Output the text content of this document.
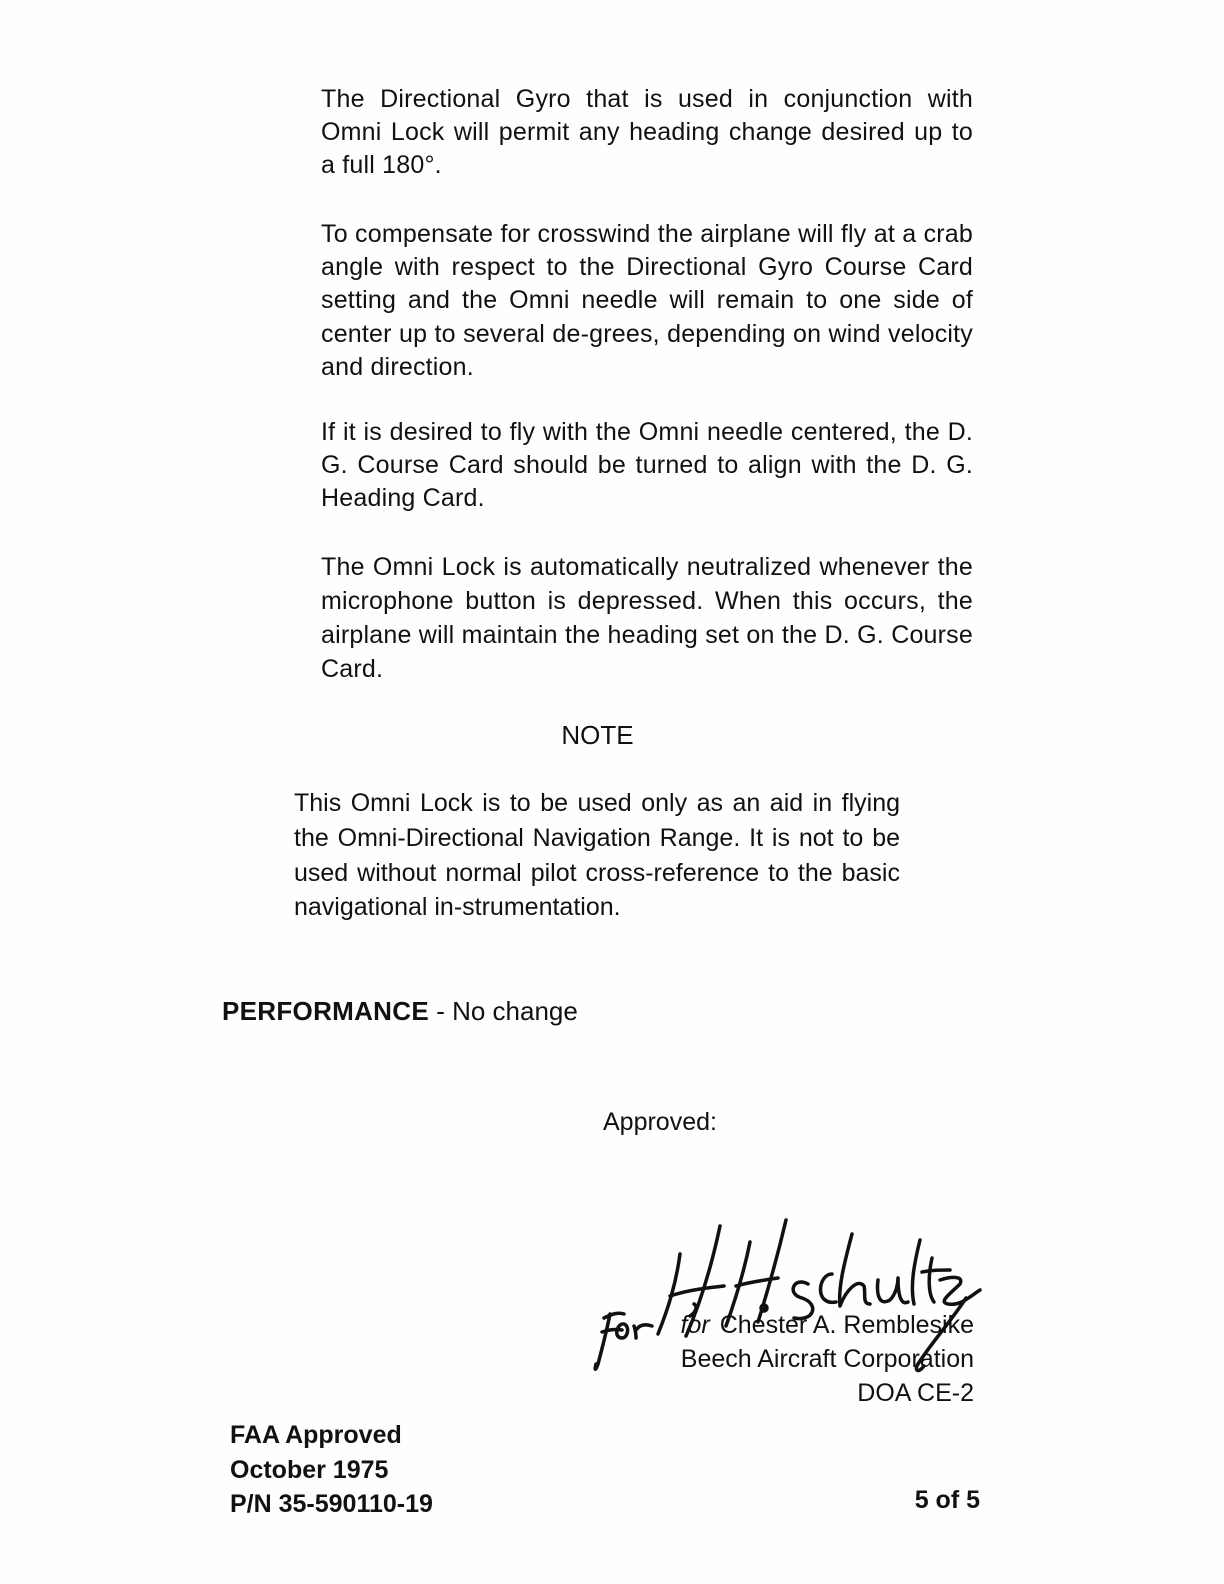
The Directional Gyro that is used in conjunction with Omni Lock will permit any heading change desired up to a full 180°.

To compensate for crosswind the airplane will fly at a crab angle with respect to the Directional Gyro Course Card setting and the Omni needle will remain to one side of center up to several de-grees, depending on wind velocity and direction.

If it is desired to fly with the Omni needle centered, the D. G. Course Card should be turned to align with the D. G. Heading Card.

The Omni Lock is automatically neutralized whenever the microphone button is depressed. When this occurs, the airplane will maintain the heading set on the D. G. Course Card.

NOTE

This Omni Lock is to be used only as an aid in flying the Omni-Directional Navigation Range. It is not to be used without normal pilot cross-reference to the basic navigational in-strumentation.

PERFORMANCE - No change

Approved:

for Chester A. Remblesike

Beech Aircraft Corporation

DOA CE-2

FAA Approved
October 1975
P/N 35-590110-19	5 of 5
